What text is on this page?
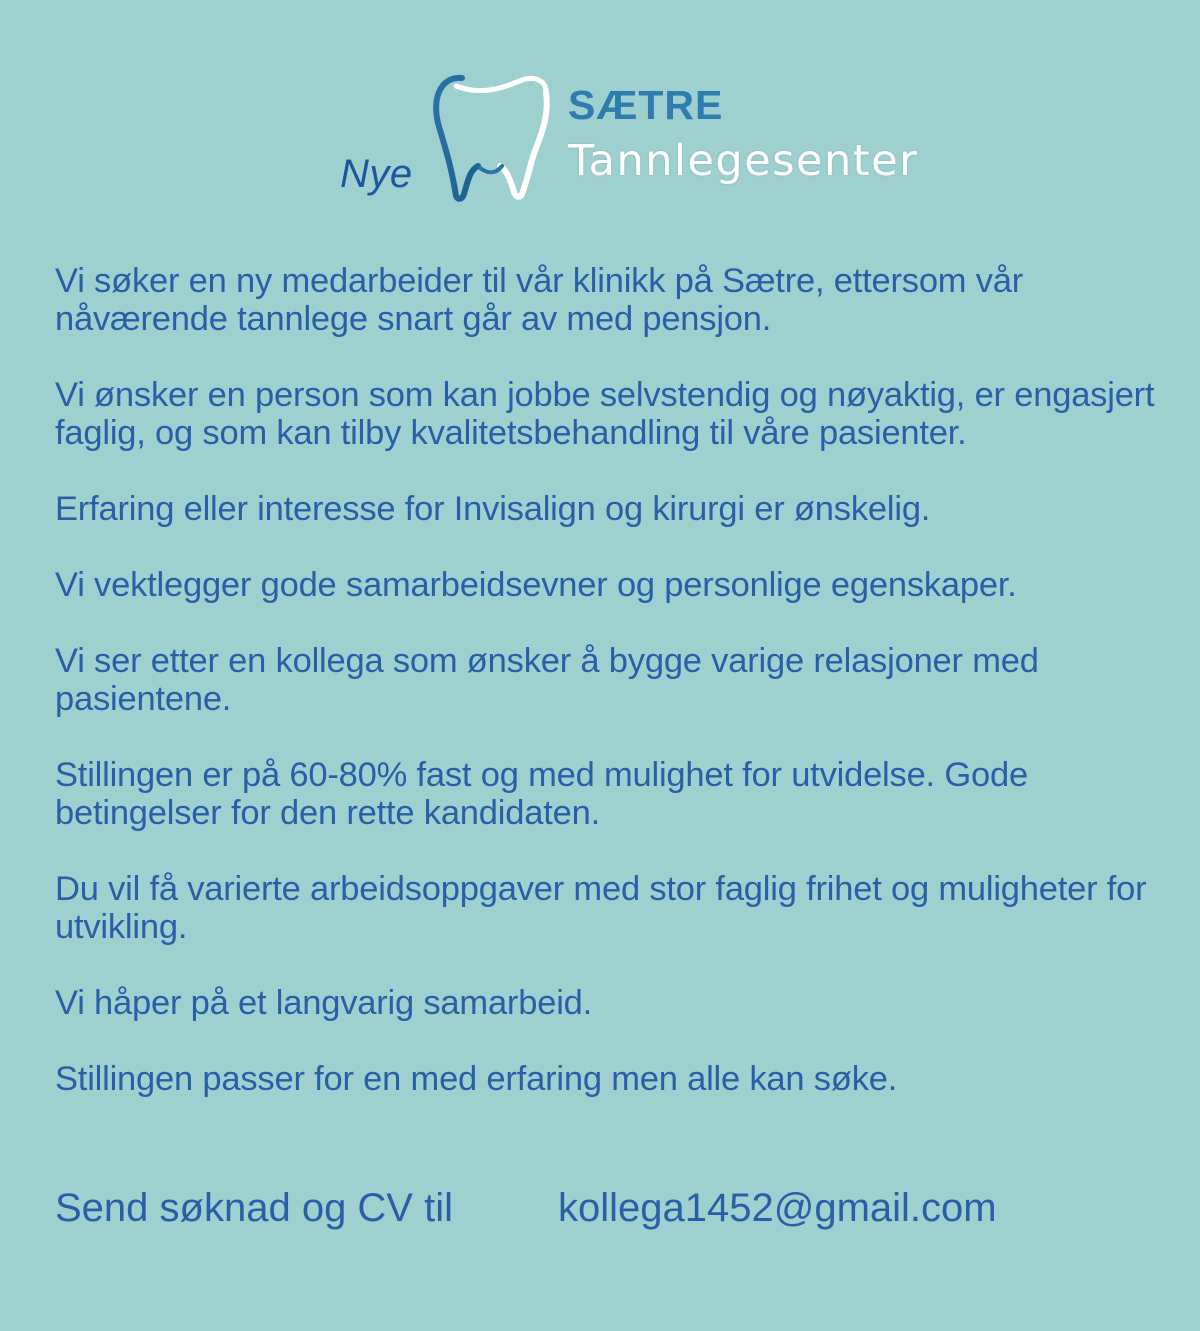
Nye
SÆTRE
Tannlegesenter

Vi søker en ny medarbeider til vår klinikk på Sætre, ettersom vår nåværende tannlege snart går av med pensjon.

Vi ønsker en person som kan jobbe selvstendig og nøyaktig, er engasjert faglig, og som kan tilby kvalitetsbehandling til våre pasienter.

Erfaring eller interesse for Invisalign og kirurgi er ønskelig.

Vi vektlegger gode samarbeidsevner og personlige egenskaper.

Vi ser etter en kollega som ønsker å bygge varige relasjoner med pasientene.

Stillingen er på 60-80% fast og med mulighet for utvidelse. Gode betingelser for den rette kandidaten.

Du vil få varierte arbeidsoppgaver med stor faglig frihet og muligheter for utvikling.

Vi håper på et langvarig samarbeid.

Stillingen passer for en med erfaring men alle kan søke.

Send søknad og CV til	kollega1452@gmail.com
